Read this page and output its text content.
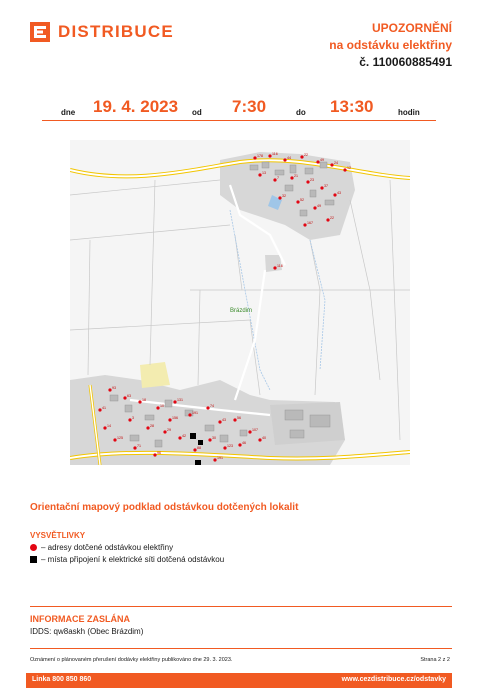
DISTRIBUCE	UPOZORNĚNÍ
na odstávku elektřiny
č. 110060885491
dne 19. 4. 2023 od 7:30	do 13:30	hodin
178	116
44
22
49
24
12
13
7	21
23
37
43
32
52
49
22
167
116
93
63
18
10
131
191
74
43	56
107
3
28
29
42	30
123
125
71
96
46
40
41
156
88
191
14
Brázdim
Orientační mapový podklad odstávkou dotčených lokalit
VYSVĚTLIVKY
– adresy dotčené odstávkou elektřiny
– místa připojení k elektrické síti dotčená odstávkou
INFORMACE ZASLÁNA
IDDS: qw8askh (Obec Brázdim)
Oznámení o plánovaném přerušení dodávky elektřiny publikováno dne 29. 3. 2023.	Strana 2 z 2
Linka 800 850 860	www.cezdistribuce.cz/odstavky
